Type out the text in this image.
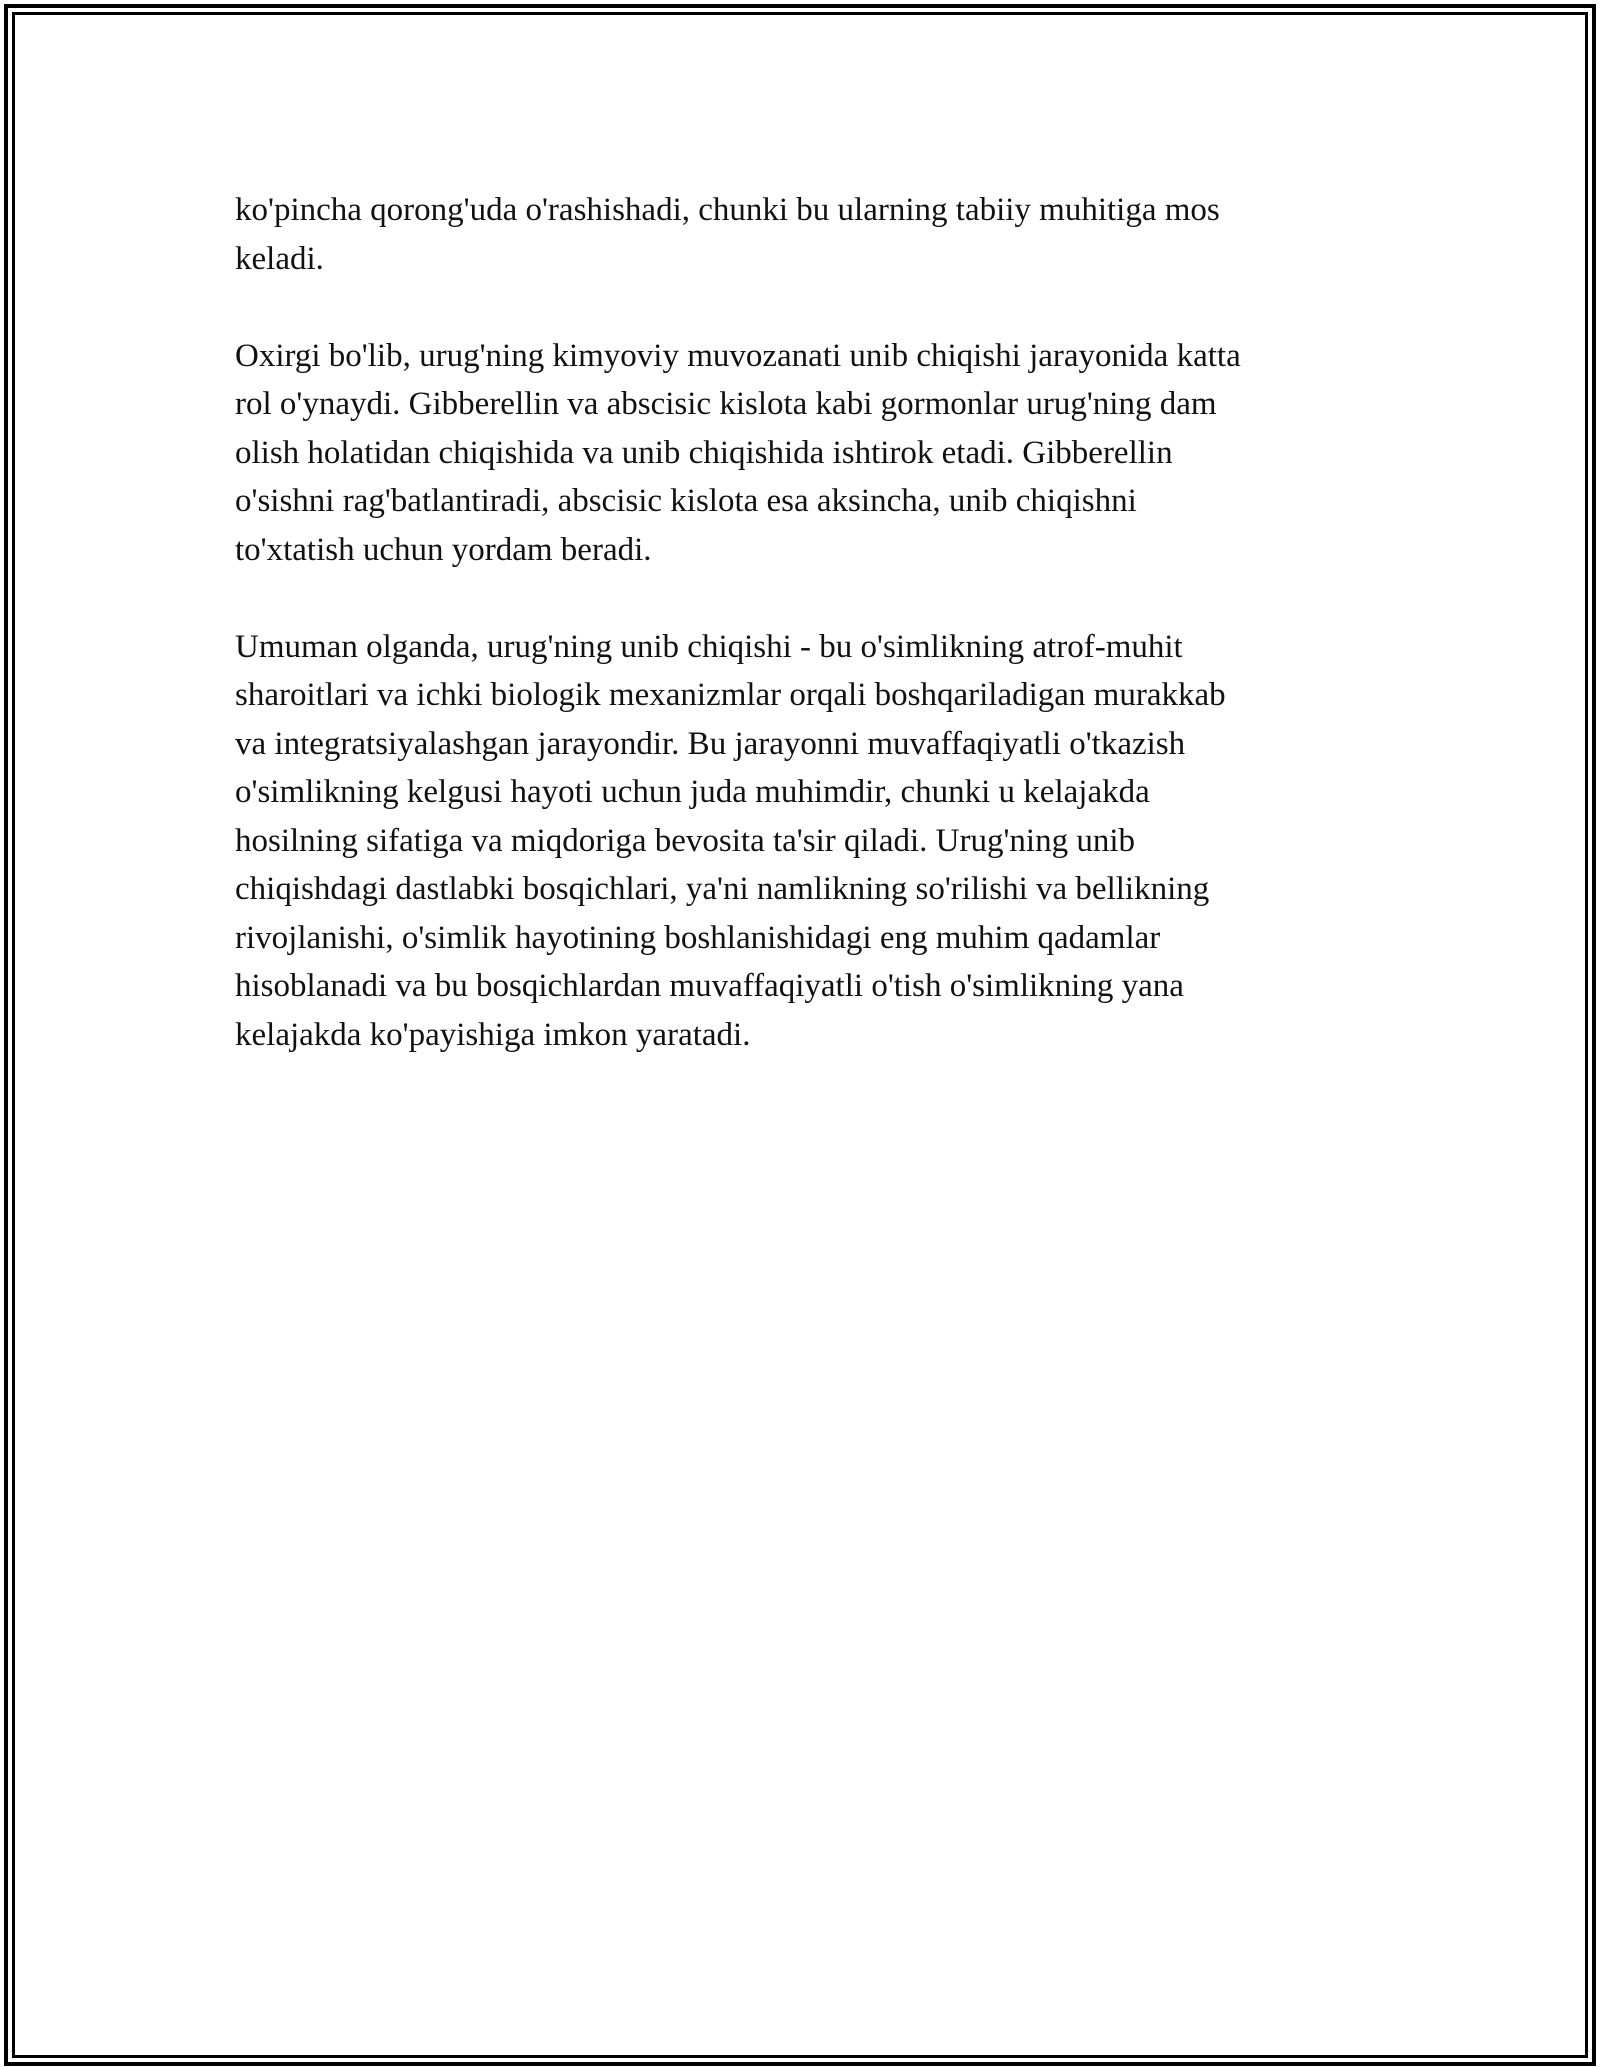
ko'pincha qorong'uda o'rashishadi, chunki bu ularning tabiiy muhitiga mos
keladi.

Oxirgi bo'lib, urug'ning kimyoviy muvozanati unib chiqishi jarayonida katta
rol o'ynaydi. Gibberellin va abscisic kislota kabi gormonlar urug'ning dam
olish holatidan chiqishida va unib chiqishida ishtirok etadi. Gibberellin
o'sishni rag'batlantiradi, abscisic kislota esa aksincha, unib chiqishni
to'xtatish uchun yordam beradi.

Umuman olganda, urug'ning unib chiqishi - bu o'simlikning atrof-muhit
sharoitlari va ichki biologik mexanizmlar orqali boshqariladigan murakkab
va integratsiyalashgan jarayondir. Bu jarayonni muvaffaqiyatli o'tkazish
o'simlikning kelgusi hayoti uchun juda muhimdir, chunki u kelajakda
hosilning sifatiga va miqdoriga bevosita ta'sir qiladi. Urug'ning unib
chiqishdagi dastlabki bosqichlari, ya'ni namlikning so'rilishi va bellikning
rivojlanishi, o'simlik hayotining boshlanishidagi eng muhim qadamlar
hisoblanadi va bu bosqichlardan muvaffaqiyatli o'tish o'simlikning yana
kelajakda ko'payishiga imkon yaratadi.
